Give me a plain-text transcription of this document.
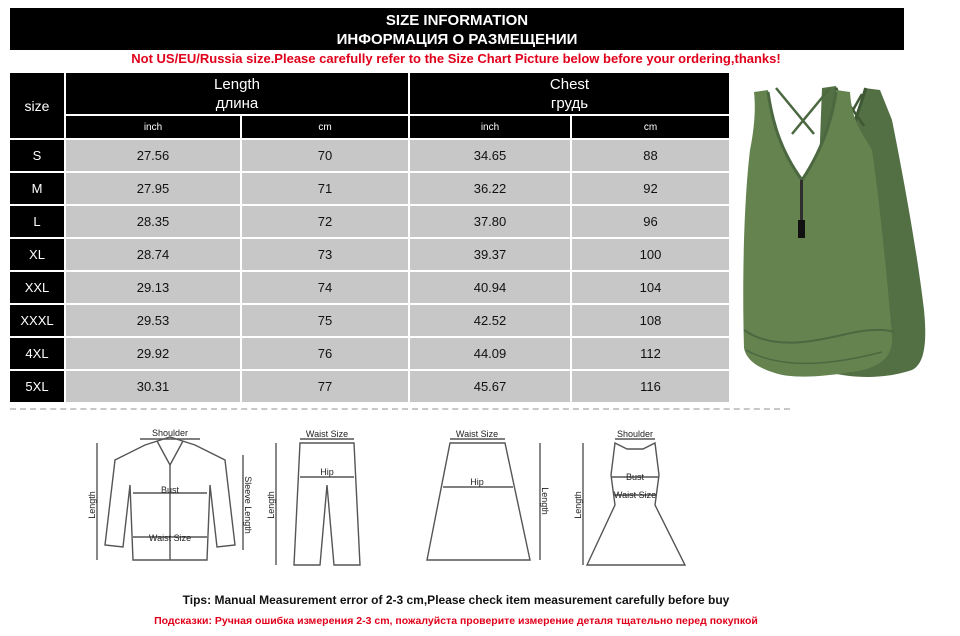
SIZE INFORMATION
ИНФОРМАЦИЯ О РАЗМЕЩЕНИИ
Not US/EU/Russia size.Please carefully refer to the Size Chart Picture below before your ordering,thanks!
size
Length
длина
Chest
грудь
inch	cm	inch	cm
S	27.56	70	34.65	88
M	27.95	71	36.22	92
L	28.35	72	37.80	96
XL	28.74	73	39.37	100
XXL	29.13	74	40.94	104
XXXL	29.53	75	42.52	108
4XL	29.92	76	44.09	112
5XL	30.31	77	45.67	116
Shoulder
Bust
Waist Size
Length	Sleeve Length
Waist Size
Hip
Length
Waist Size
Hip
Length
Shoulder
Bust
Waist Size
Length
Tips: Manual Measurement error of 2-3 cm,Please check item measurement carefully before buy
Подсказки: Ручная ошибка измерения 2-3 cm, пожалуйста проверите измерение деталя тщательно перед покупкой
